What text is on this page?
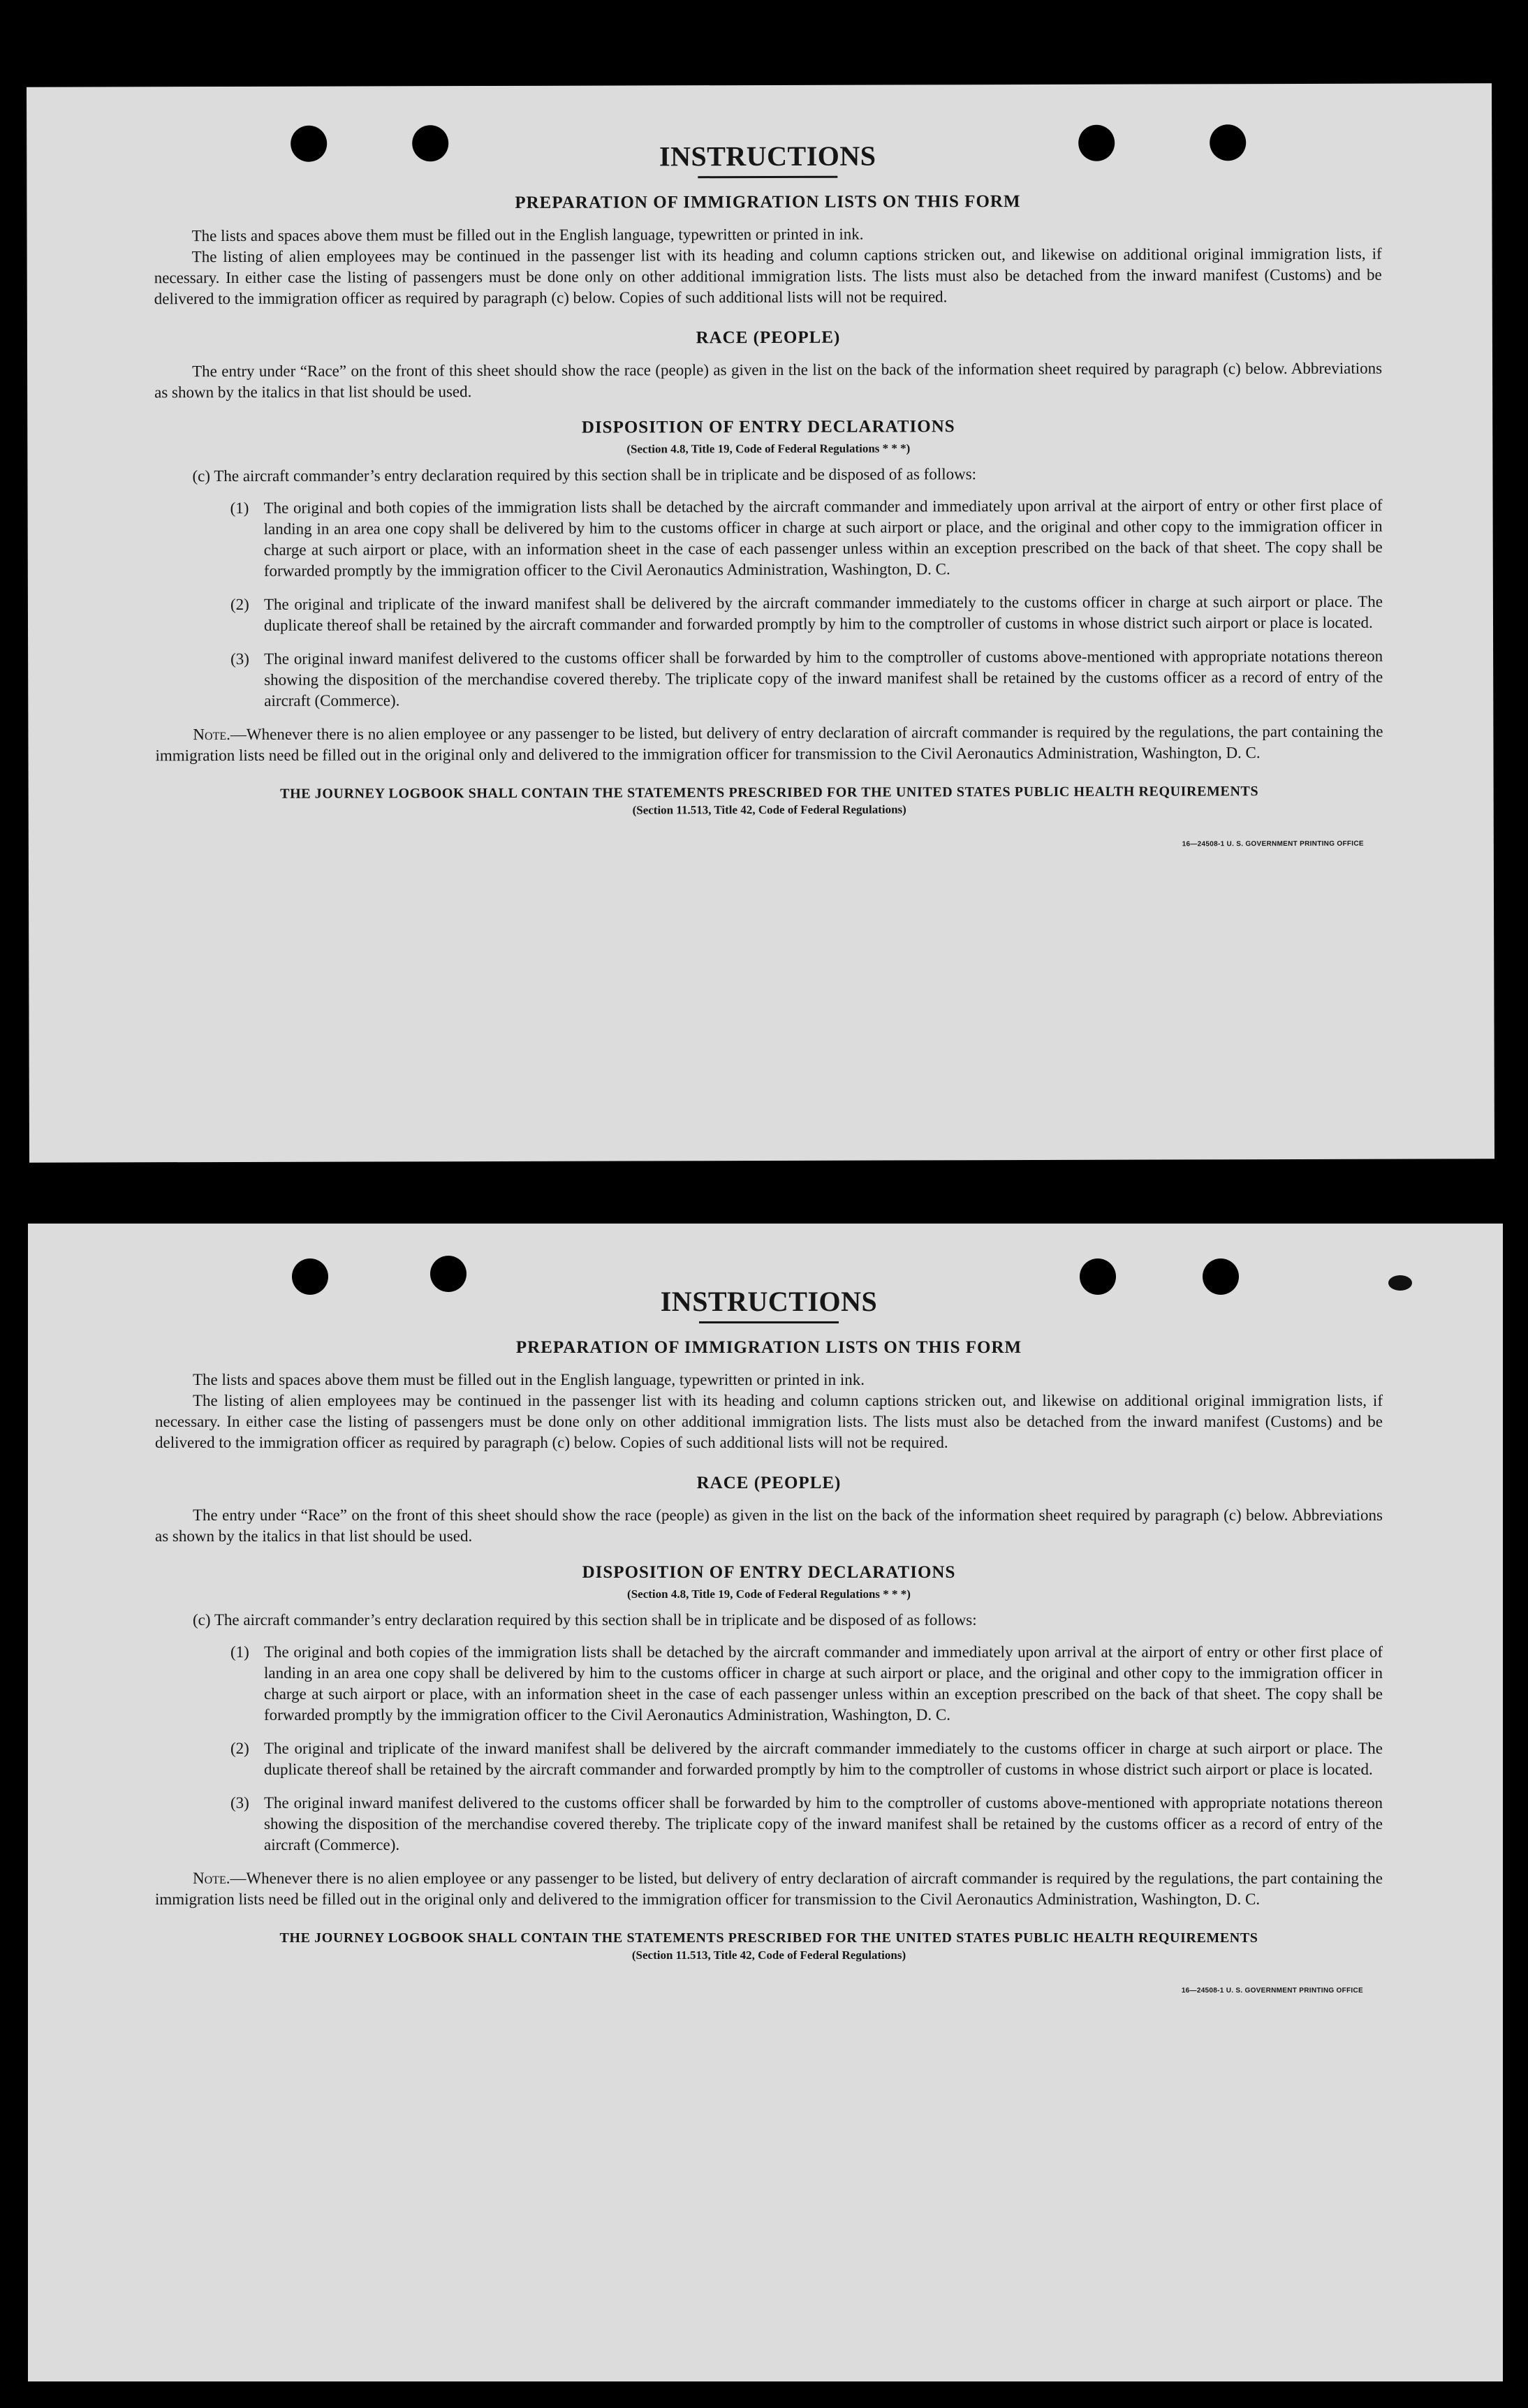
INSTRUCTIONS
PREPARATION OF IMMIGRATION LISTS ON THIS FORM

The lists and spaces above them must be filled out in the English language, typewritten or printed in ink.

The listing of alien employees may be continued in the passenger list with its heading and column captions stricken out, and likewise on additional original immigration lists, if necessary. In either case the listing of passengers must be done only on other additional immigration lists. The lists must also be detached from the inward manifest (Customs) and be delivered to the immigration officer as required by paragraph (c) below. Copies of such additional lists will not be required.

RACE (PEOPLE)

The entry under “Race” on the front of this sheet should show the race (people) as given in the list on the back of the information sheet required by paragraph (c) below. Abbreviations as shown by the italics in that list should be used.

DISPOSITION OF ENTRY DECLARATIONS
(Section 4.8, Title 19, Code of Federal Regulations * * *)

(c) The aircraft commander’s entry declaration required by this section shall be in triplicate and be disposed of as follows:

(1) The original and both copies of the immigration lists shall be detached by the aircraft commander and immediately upon arrival at the airport of entry or other first place of landing in an area one copy shall be delivered by him to the customs officer in charge at such airport or place, and the original and other copy to the immigration officer in charge at such airport or place, with an information sheet in the case of each passenger unless within an exception prescribed on the back of that sheet. The copy shall be forwarded promptly by the immigration officer to the Civil Aeronautics Administration, Washington, D. C.

(2) The original and triplicate of the inward manifest shall be delivered by the aircraft commander immediately to the customs officer in charge at such airport or place. The duplicate thereof shall be retained by the aircraft commander and forwarded promptly by him to the comptroller of customs in whose district such airport or place is located.

(3) The original inward manifest delivered to the customs officer shall be forwarded by him to the comptroller of customs above-mentioned with appropriate notations thereon showing the disposition of the merchandise covered thereby. The triplicate copy of the inward manifest shall be retained by the customs officer as a record of entry of the aircraft (Commerce).

Note.—Whenever there is no alien employee or any passenger to be listed, but delivery of entry declaration of aircraft commander is required by the regulations, the part containing the immigration lists need be filled out in the original only and delivered to the immigration officer for transmission to the Civil Aeronautics Administration, Washington, D. C.

THE JOURNEY LOGBOOK SHALL CONTAIN THE STATEMENTS PRESCRIBED FOR THE UNITED STATES PUBLIC HEALTH REQUIREMENTS
(Section 11.513, Title 42, Code of Federal Regulations)
16—24508-1 U. S. GOVERNMENT PRINTING OFFICE
INSTRUCTIONS
PREPARATION OF IMMIGRATION LISTS ON THIS FORM

The lists and spaces above them must be filled out in the English language, typewritten or printed in ink.

The listing of alien employees may be continued in the passenger list with its heading and column captions stricken out, and likewise on additional original immigration lists, if necessary. In either case the listing of passengers must be done only on other additional immigration lists. The lists must also be detached from the inward manifest (Customs) and be delivered to the immigration officer as required by paragraph (c) below. Copies of such additional lists will not be required.

RACE (PEOPLE)

The entry under “Race” on the front of this sheet should show the race (people) as given in the list on the back of the information sheet required by paragraph (c) below. Abbreviations as shown by the italics in that list should be used.

DISPOSITION OF ENTRY DECLARATIONS
(Section 4.8, Title 19, Code of Federal Regulations * * *)

(c) The aircraft commander’s entry declaration required by this section shall be in triplicate and be disposed of as follows:

(1) The original and both copies of the immigration lists shall be detached by the aircraft commander and immediately upon arrival at the airport of entry or other first place of landing in an area one copy shall be delivered by him to the customs officer in charge at such airport or place, and the original and other copy to the immigration officer in charge at such airport or place, with an information sheet in the case of each passenger unless within an exception prescribed on the back of that sheet. The copy shall be forwarded promptly by the immigration officer to the Civil Aeronautics Administration, Washington, D. C.

(2) The original and triplicate of the inward manifest shall be delivered by the aircraft commander immediately to the customs officer in charge at such airport or place. The duplicate thereof shall be retained by the aircraft commander and forwarded promptly by him to the comptroller of customs in whose district such airport or place is located.

(3) The original inward manifest delivered to the customs officer shall be forwarded by him to the comptroller of customs above-mentioned with appropriate notations thereon showing the disposition of the merchandise covered thereby. The triplicate copy of the inward manifest shall be retained by the customs officer as a record of entry of the aircraft (Commerce).

Note.—Whenever there is no alien employee or any passenger to be listed, but delivery of entry declaration of aircraft commander is required by the regulations, the part containing the immigration lists need be filled out in the original only and delivered to the immigration officer for transmission to the Civil Aeronautics Administration, Washington, D. C.

THE JOURNEY LOGBOOK SHALL CONTAIN THE STATEMENTS PRESCRIBED FOR THE UNITED STATES PUBLIC HEALTH REQUIREMENTS
(Section 11.513, Title 42, Code of Federal Regulations)
16—24508-1 U. S. GOVERNMENT PRINTING OFFICE
